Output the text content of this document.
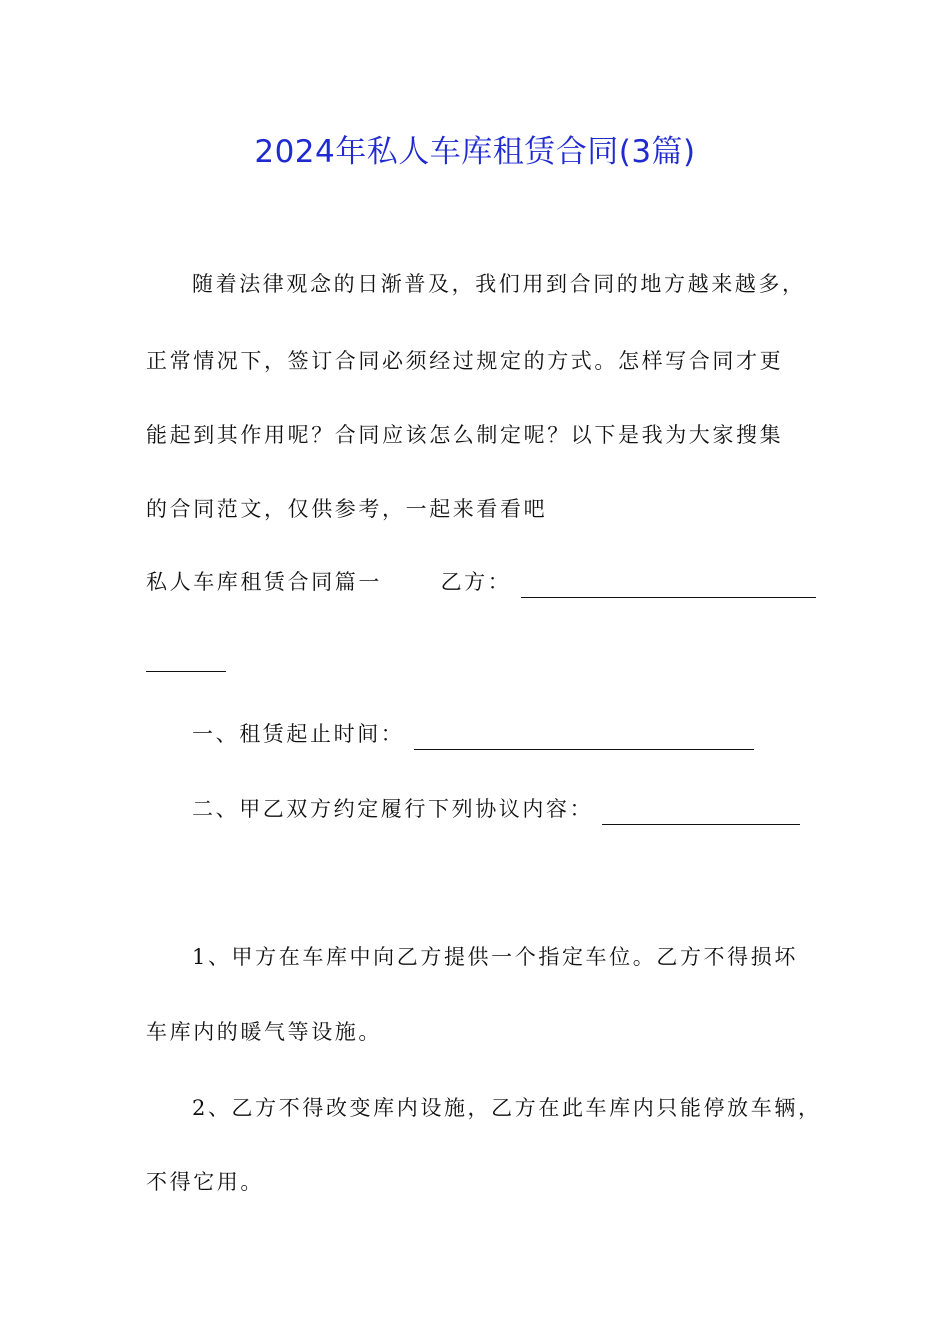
2024年私人车库租赁合同(3篇)
随着法律观念的日渐普及，我们用到合同的地方越来越多，
正常情况下，签订合同必须经过规定的方式。怎样写合同才更
能起到其作用呢？合同应该怎么制定呢？以下是我为大家搜集
的合同范文，仅供参考，一起来看看吧
私人车库租赁合同篇一	乙方：
一、租赁起止时间：
二、甲乙双方约定履行下列协议内容：
1、甲方在车库中向乙方提供一个指定车位。乙方不得损坏
车库内的暖气等设施。
2、乙方不得改变库内设施，乙方在此车库内只能停放车辆，
不得它用。
